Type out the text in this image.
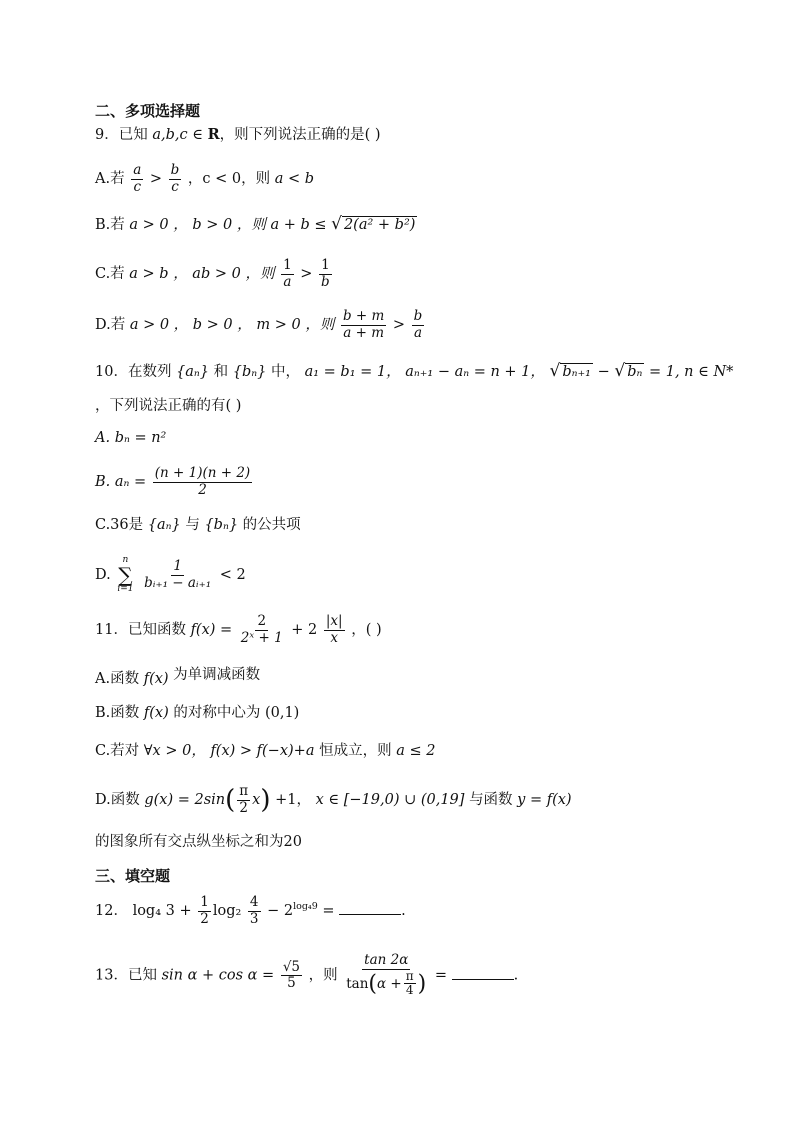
二、多项选择题
9．已知 a,b,c ∈ R，则下列说法正确的是( )
A.若 $\frac{a}{c} > \frac{b}{c}$ ，c < 0，则 a < b
B.若 a > 0 ， b > 0 ，则 a + b ≤ √ 2(a² + b²)
C.若 a > b ， ab > 0 ，则 $\frac{1}{a} > \frac{1}{b}$
D.若 a > 0 ， b > 0 ， m > 0 ，则 $\frac{b + m}{a + m} > \frac{b}{a}$
10．在数列 {aₙ} 和 {bₙ} 中， a₁ = b₁ = 1， aₙ₊₁ − aₙ = n + 1， √ bₙ₊₁ − √ bₙ = 1, n ∈ N*
，下列说法正确的有( )
A. bₙ = n²
B. $a_n = \frac{(n + 1)(n + 2)}{2}$
C.36是 {aₙ} 与 {bₙ} 的公共项
D.
n
∑
i=1
$\frac{1}{\text{bᵢ₊₁ − aᵢ₊₁}} < 2$
11．已知函数 $f(x) = \frac{2}{\text{2ˣ + 1}} + 2 \frac{|x|}{x}$ ，( )
A.函数 f(x) 为单调减函数
B.函数 f(x) 的对称中心为 (0,1)
C.若对 ∀x > 0， f(x) > f(−x)+a 恒成立，则 a ≤ 2
D.函数 $g(x) = 2\sin( \frac{\pi}{2} x) +1$， x ∈ [−19,0) ∪ (0,19] 与函数 y = f(x)
的图象所有交点纵坐标之和为20
三、填空题
12． log₄ $3 + \frac{1}{2} \log_2 \frac{4}{3} - 2^{log_49}$ =	.
13．已知 $\sin \alpha + \cos \alpha = \frac{√5}{5}$ ，则 $\frac{\tan 2\alpha}{\tan(\alpha + \frac{\pi}{4} )}$ =	.
